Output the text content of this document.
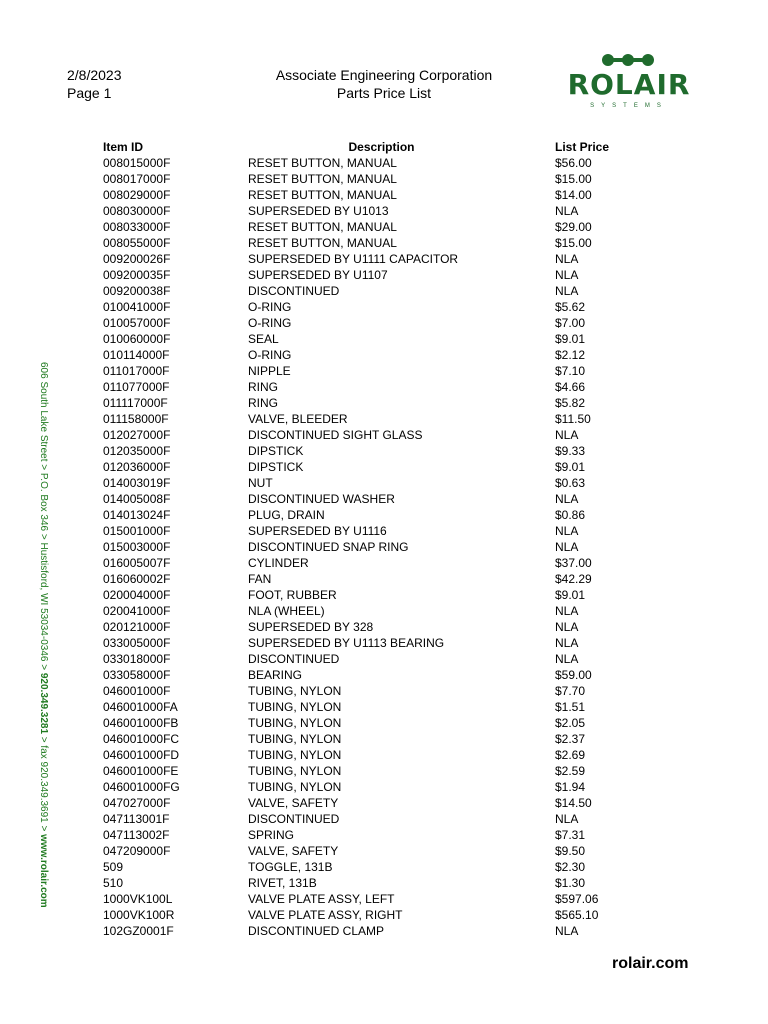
2/8/2023
Page 1
Associate Engineering Corporation
Parts Price List	ROLAIR
SYSTEMS
Item ID	Description	List Price
008015000F	RESET BUTTON, MANUAL	$56.00
008017000F	RESET BUTTON, MANUAL	$15.00
008029000F	RESET BUTTON, MANUAL	$14.00
008030000F	SUPERSEDED BY U1013	NLA
008033000F	RESET BUTTON, MANUAL	$29.00
008055000F	RESET BUTTON, MANUAL	$15.00
009200026F	SUPERSEDED BY U1111 CAPACITOR	NLA
009200035F	SUPERSEDED BY U1107	NLA
009200038F	DISCONTINUED	NLA
010041000F	O-RING	$5.62
010057000F	O-RING	$7.00
010060000F	SEAL	$9.01
010114000F	O-RING	$2.12
011017000F	NIPPLE	$7.10
011077000F	RING	$4.66
011117000F	RING	$5.82
011158000F	VALVE, BLEEDER	$11.50
012027000F	DISCONTINUED SIGHT GLASS	NLA
012035000F	DIPSTICK	$9.33
012036000F	DIPSTICK	$9.01
014003019F	NUT	$0.63
014005008F	DISCONTINUED WASHER	NLA
014013024F	PLUG, DRAIN	$0.86
015001000F	SUPERSEDED BY U1116	NLA
015003000F	DISCONTINUED SNAP RING	NLA
016005007F	CYLINDER	$37.00
016060002F	FAN	$42.29
020004000F	FOOT, RUBBER	$9.01
020041000F	NLA (WHEEL)	NLA
020121000F	SUPERSEDED BY 328	NLA
033005000F	SUPERSEDED BY U1113 BEARING	NLA
033018000F	DISCONTINUED	NLA
033058000F	BEARING	$59.00
046001000F	TUBING, NYLON	$7.70
046001000FA	TUBING, NYLON	$1.51
046001000FB	TUBING, NYLON	$2.05
046001000FC	TUBING, NYLON	$2.37
046001000FD	TUBING, NYLON	$2.69
046001000FE	TUBING, NYLON	$2.59
046001000FG	TUBING, NYLON	$1.94
047027000F	VALVE, SAFETY	$14.50
047113001F	DISCONTINUED	NLA
047113002F	SPRING	$7.31
047209000F	VALVE, SAFETY	$9.50
509	TOGGLE, 131B	$2.30
510	RIVET, 131B	$1.30
1000VK100L	VALVE PLATE ASSY, LEFT	$597.06
1000VK100R	VALVE PLATE ASSY, RIGHT	$565.10
102GZ0001F	DISCONTINUED CLAMP	NLA
606 South Lake Street > P.O. Box 346 > Hustisford, WI 53034-0346 > 920.349.3281 > fax 920.349.3691 > www.rolair.com
rolair.com
